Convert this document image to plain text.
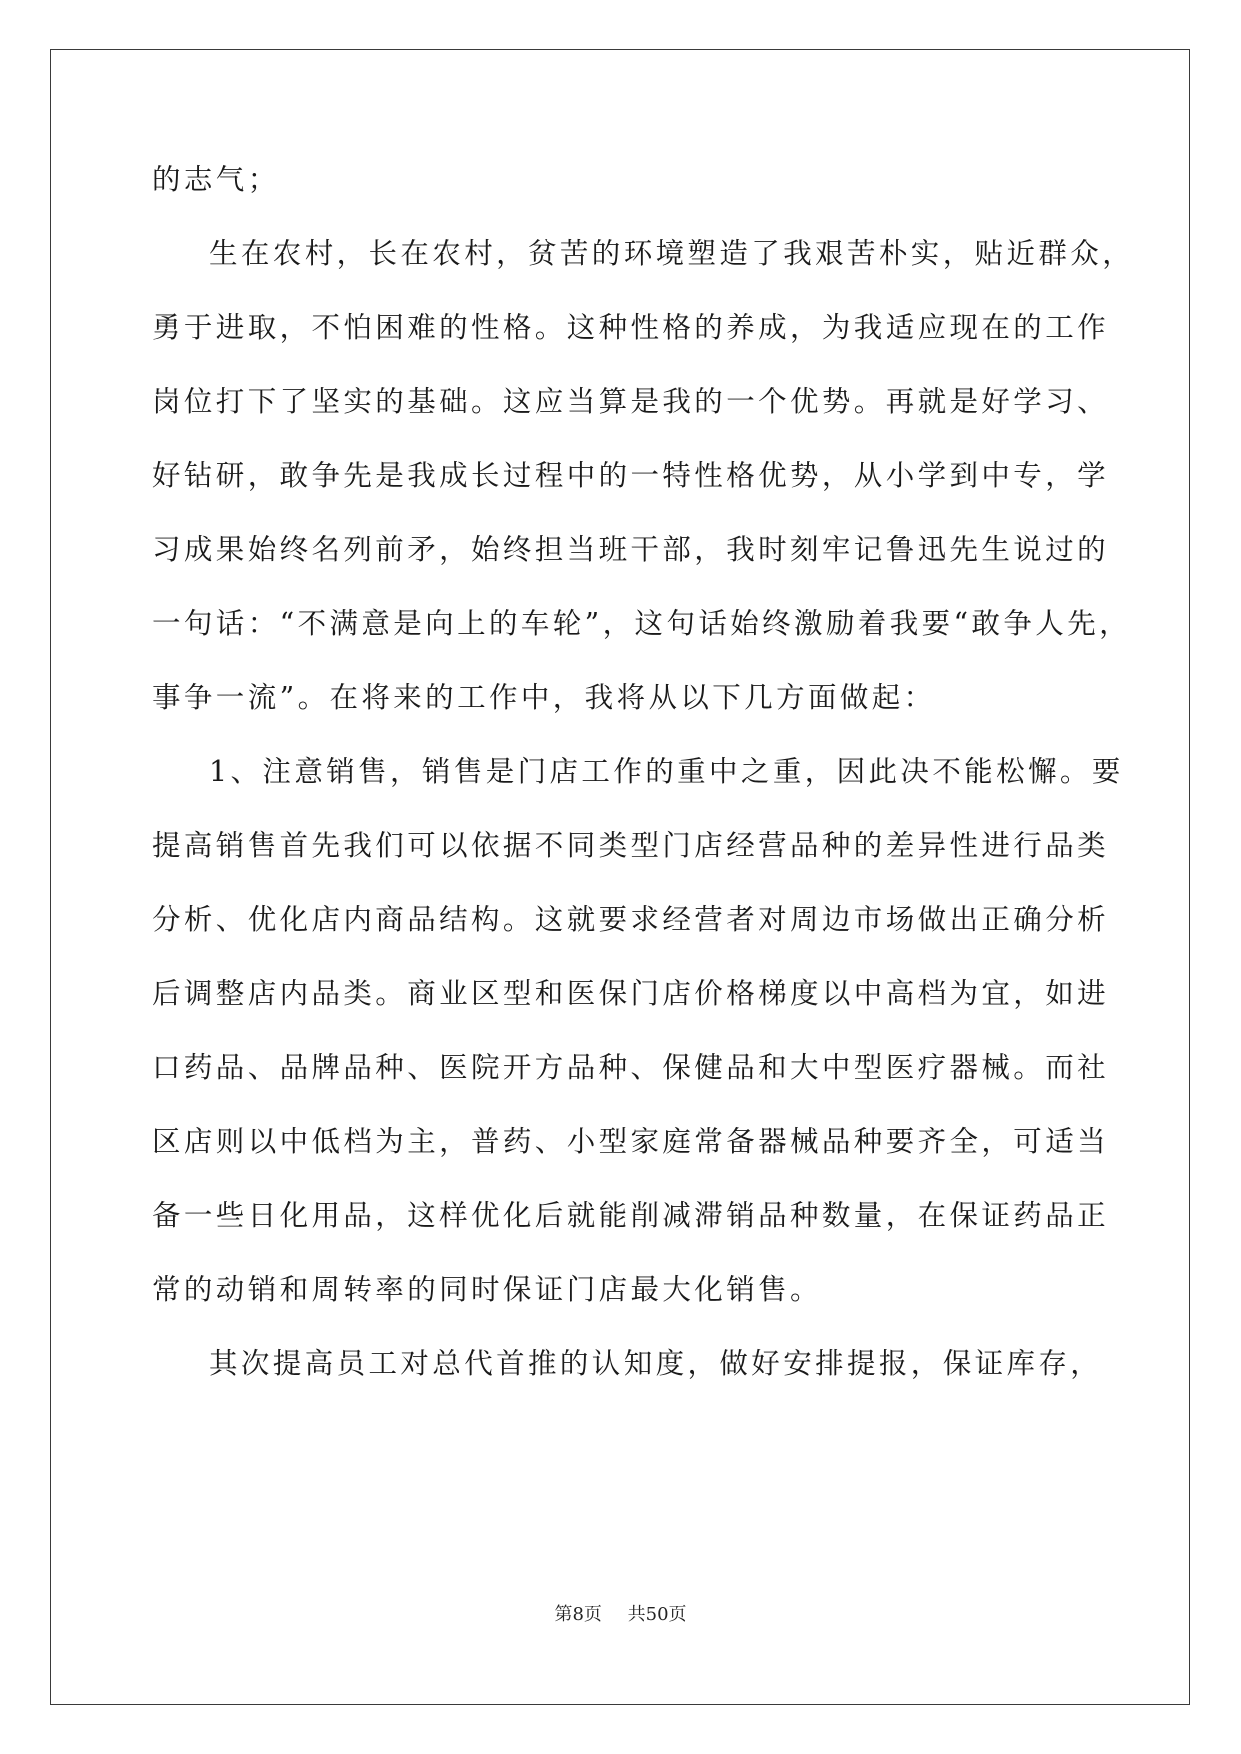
的志气；
生在农村，长在农村，贫苦的环境塑造了我艰苦朴实，贴近群众，
勇于进取，不怕困难的性格。这种性格的养成，为我适应现在的工作
岗位打下了坚实的基础。这应当算是我的一个优势。再就是好学习、
好钻研，敢争先是我成长过程中的一特性格优势，从小学到中专，学
习成果始终名列前矛，始终担当班干部，我时刻牢记鲁迅先生说过的
一句话：“不满意是向上的车轮”，这句话始终激励着我要“敢争人先，
事争一流”。在将来的工作中，我将从以下几方面做起：
1、注意销售，销售是门店工作的重中之重，因此决不能松懈。要
提高销售首先我们可以依据不同类型门店经营品种的差异性进行品类
分析、优化店内商品结构。这就要求经营者对周边市场做出正确分析
后调整店内品类。商业区型和医保门店价格梯度以中高档为宜，如进
口药品、品牌品种、医院开方品种、保健品和大中型医疗器械。而社
区店则以中低档为主，普药、小型家庭常备器械品种要齐全，可适当
备一些日化用品，这样优化后就能削减滞销品种数量，在保证药品正
常的动销和周转率的同时保证门店最大化销售。
其次提高员工对总代首推的认知度，做好安排提报，保证库存，
第8页 共50页
